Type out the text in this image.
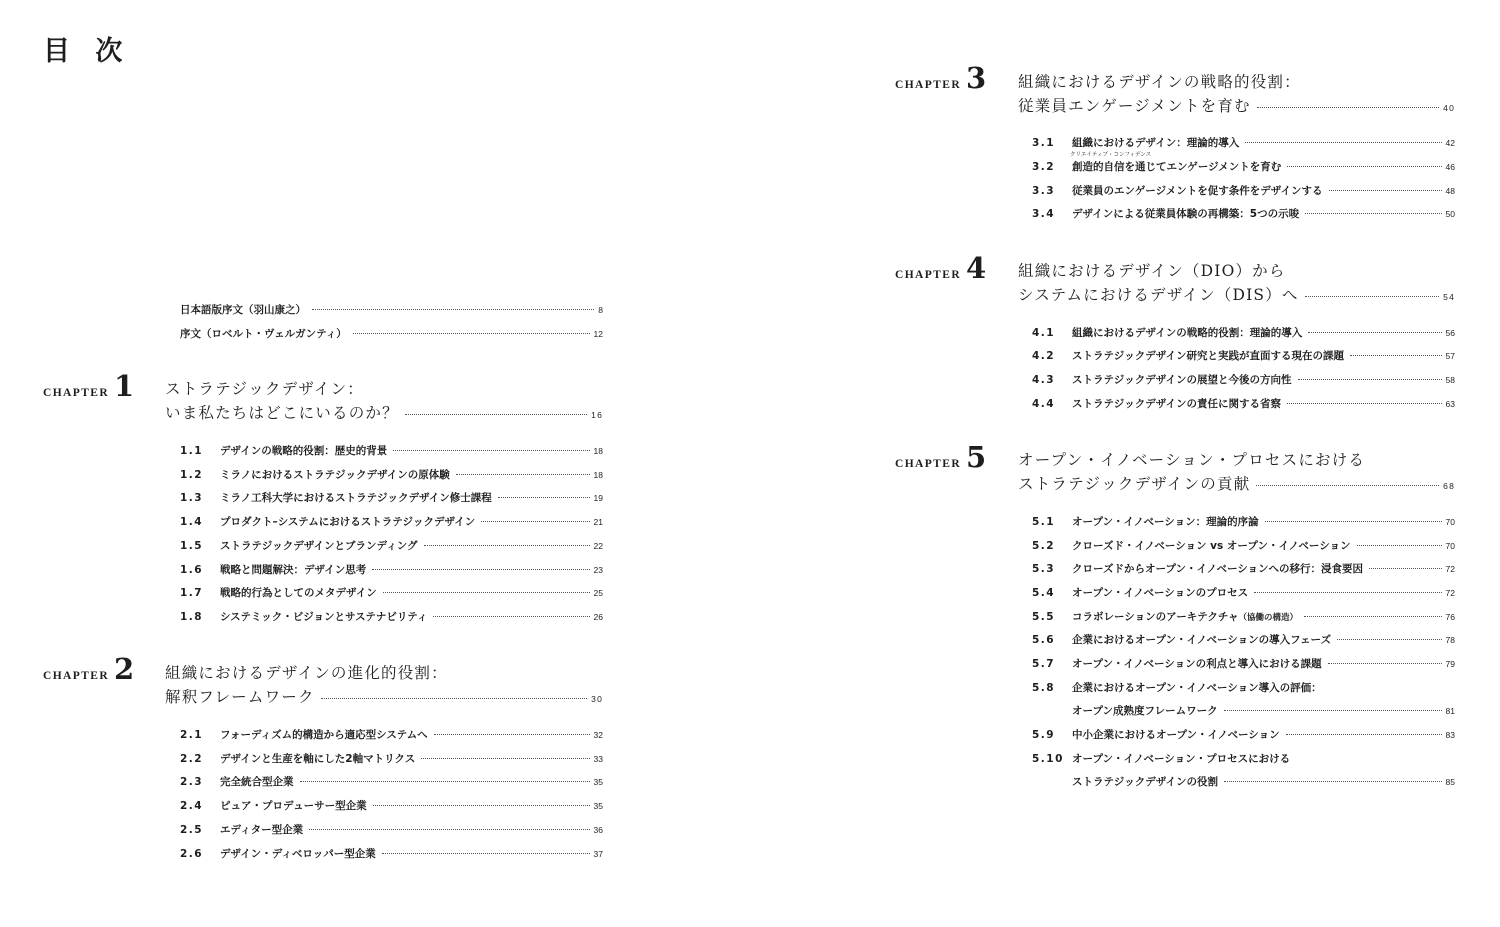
目 次
日本語版序文（羽山康之）	8
序文（ロベルト・ヴェルガンティ）	12
CHAPTER 1 ストラテジックデザイン：
いま私たちはどこにいるのか？	16
1.1	デザインの戦略的役割：歴史的背景	18
1.2	ミラノにおけるストラテジックデザインの原体験	18
1.3	ミラノ工科大学におけるストラテジックデザイン修士課程	19
1.4	プロダクト–システムにおけるストラテジックデザイン	21
1.5	ストラテジックデザインとブランディング	22
1.6	戦略と問題解決：デザイン思考	23
1.7	戦略的行為としてのメタデザイン	25
1.8	システミック・ビジョンとサステナビリティ	26
CHAPTER 2 組織におけるデザインの進化的役割：
解釈フレームワーク	30
2.1	フォーディズム的構造から適応型システムへ	32
2.2	デザインと生産を軸にした2軸マトリクス	33
2.3	完全統合型企業	35
2.4	ピュア・プロデューサー型企業	35
2.5	エディター型企業	36
2.6	デザイン・ディベロッパー型企業	37
CHAPTER 3 組織におけるデザインの戦略的役割：
従業員エンゲージメントを育む	40
3.1	組織におけるデザイン：理論的導入	42
クリエイティブ・コンフィデンス
3.2	創造的自信を通じてエンゲージメントを育む	46
3.3	従業員のエンゲージメントを促す条件をデザインする	48
3.4	デザインによる従業員体験の再構築：5つの示唆	50
CHAPTER 4 組織におけるデザイン（DIO）から
システムにおけるデザイン（DIS）へ	54
4.1	組織におけるデザインの戦略的役割：理論的導入	56
4.2	ストラテジックデザイン研究と実践が直面する現在の課題	57
4.3	ストラテジックデザインの展望と今後の方向性	58
4.4	ストラテジックデザインの責任に関する省察	63
CHAPTER 5 オープン・イノベーション・プロセスにおける
ストラテジックデザインの貢献	68
5.1	オープン・イノベーション：理論的序論	70
5.2	クローズド・イノベーション vs オープン・イノベーション	70
5.3	クローズドからオープン・イノベーションへの移行：浸食要因	72
5.4	オープン・イノベーションのプロセス	72
5.5	コラボレーションのアーキテクチャ （協働の構造）	76
5.6	企業におけるオープン・イノベーションの導入フェーズ	78
5.7	オープン・イノベーションの利点と導入における課題	79
5.8	企業におけるオープン・イノベーション導入の評価：
オープン成熟度フレームワーク	81
5.9	中小企業におけるオープン・イノベーション	83
5.10 オープン・イノベーション・プロセスにおける
ストラテジックデザインの役割	85
